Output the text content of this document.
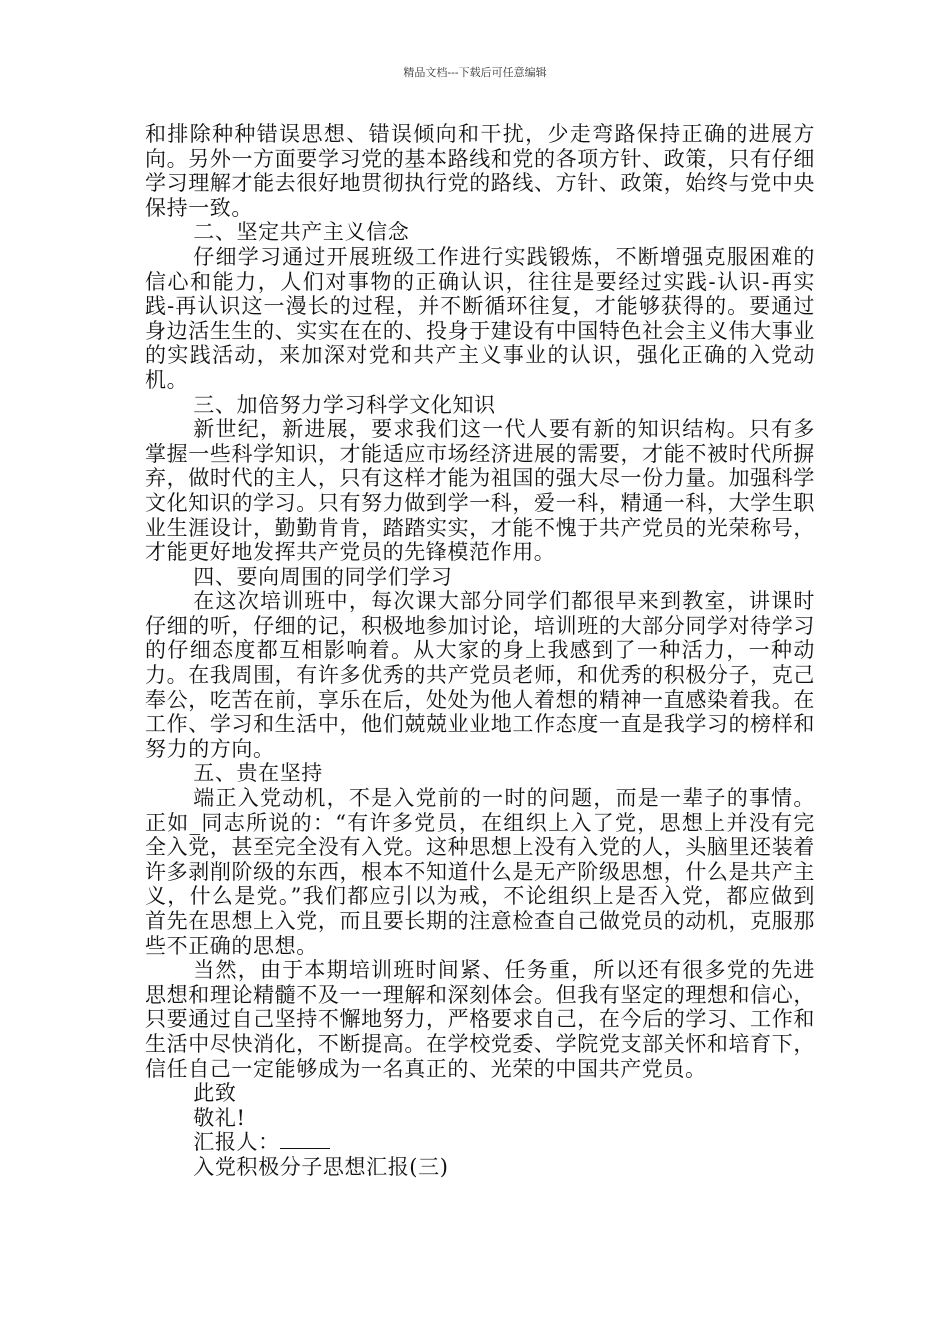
精品文档---下载后可任意编辑

和排除种种错误思想、错误倾向和干扰，少走弯路保持正确的进展方向。另外一方面要学习党的基本路线和党的各项方针、政策，只有仔细学习理解才能去很好地贯彻执行党的路线、方针、政策，始终与党中央保持一致。

二、坚定共产主义信念

仔细学习通过开展班级工作进行实践锻炼，不断增强克服困难的信心和能力，人们对事物的正确认识，往往是要经过实践-认识-再实践-再认识这一漫长的过程，并不断循环往复，才能够获得的。要通过身边活生生的、实实在在的、投身于建设有中国特色社会主义伟大事业的实践活动，来加深对党和共产主义事业的认识，强化正确的入党动机。

三、加倍努力学习科学文化知识

新世纪，新进展，要求我们这一代人要有新的知识结构。只有多掌握一些科学知识，才能适应市场经济进展的需要，才能不被时代所摒弃，做时代的主人，只有这样才能为祖国的强大尽一份力量。加强科学文化知识的学习。只有努力做到学一科，爱一科，精通一科，大学生职业生涯设计，勤勤肯肯，踏踏实实，才能不愧于共产党员的光荣称号，才能更好地发挥共产党员的先锋模范作用。

四、要向周围的同学们学习

在这次培训班中，每次课大部分同学们都很早来到教室，讲课时仔细的听，仔细的记，积极地参加讨论，培训班的大部分同学对待学习的仔细态度都互相影响着。从大家的身上我感到了一种活力，一种动力。在我周围，有许多优秀的共产党员老师，和优秀的积极分子，克己奉公，吃苦在前，享乐在后，处处为他人着想的精神一直感染着我。在工作、学习和生活中，他们兢兢业业地工作态度一直是我学习的榜样和努力的方向。

五、贵在坚持

端正入党动机，不是入党前的一时的问题，而是一辈子的事情。正如_同志所说的：“有许多党员，在组织上入了党，思想上并没有完全入党，甚至完全没有入党。这种思想上没有入党的人，头脑里还装着许多剥削阶级的东西，根本不知道什么是无产阶级思想，什么是共产主义，什么是党。”我们都应引以为戒，不论组织上是否入党，都应做到首先在思想上入党，而且要长期的注意检查自己做党员的动机，克服那些不正确的思想。

当然，由于本期培训班时间紧、任务重，所以还有很多党的先进思想和理论精髓不及一一理解和深刻体会。但我有坚定的理想和信心，只要通过自己坚持不懈地努力，严格要求自己，在今后的学习、工作和生活中尽快消化，不断提高。在学校党委、学院党支部关怀和培育下，信任自己一定能够成为一名真正的、光荣的中国共产党员。

此致

敬礼!

汇报人：

入党积极分子思想汇报(三)
